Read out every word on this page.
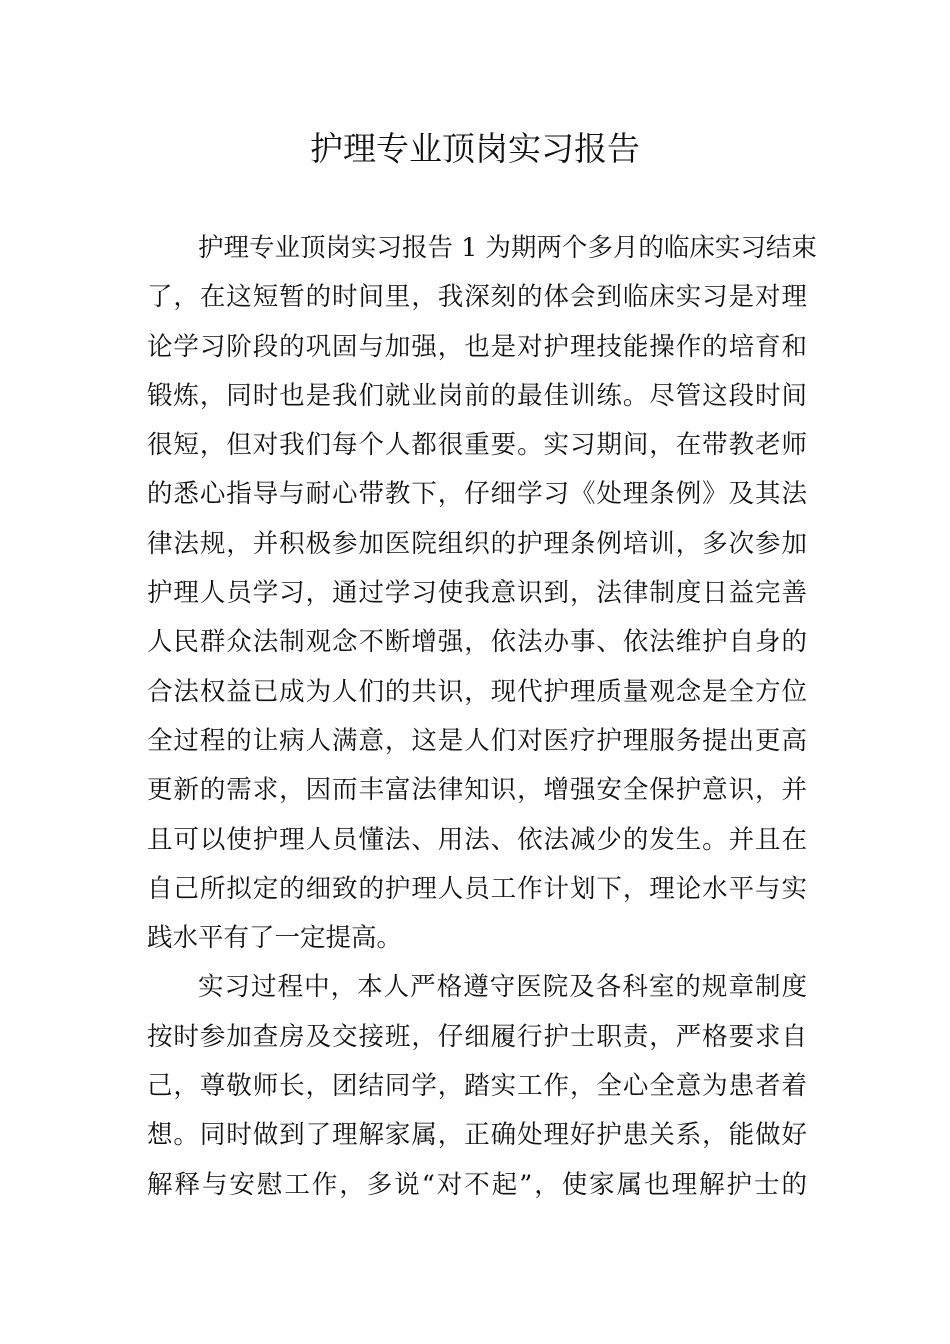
护理专业顶岗实习报告
护理专业顶岗实习报告 1 为期两个多月的临床实习结束
了，在这短暂的时间里，我深刻的体会到临床实习是对理
论学习阶段的巩固与加强，也是对护理技能操作的培育和
锻炼，同时也是我们就业岗前的最佳训练。尽管这段时间
很短，但对我们每个人都很重要。实习期间，在带教老师
的悉心指导与耐心带教下，仔细学习《处理条例》及其法
律法规，并积极参加医院组织的护理条例培训，多次参加
护理人员学习，通过学习使我意识到，法律制度日益完善
人民群众法制观念不断增强，依法办事、依法维护自身的
合法权益已成为人们的共识，现代护理质量观念是全方位
全过程的让病人满意，这是人们对医疗护理服务提出更高
更新的需求，因而丰富法律知识，增强安全保护意识，并
且可以使护理人员懂法、用法、依法减少的发生。并且在
自己所拟定的细致的护理人员工作计划下，理论水平与实
践水平有了一定提高。
实习过程中，本人严格遵守医院及各科室的规章制度
按时参加查房及交接班，仔细履行护士职责，严格要求自
己，尊敬师长，团结同学，踏实工作，全心全意为患者着
想。同时做到了理解家属，正确处理好护患关系，能做好
解释与安慰工作，多说“对不起”，使家属也理解护士的
